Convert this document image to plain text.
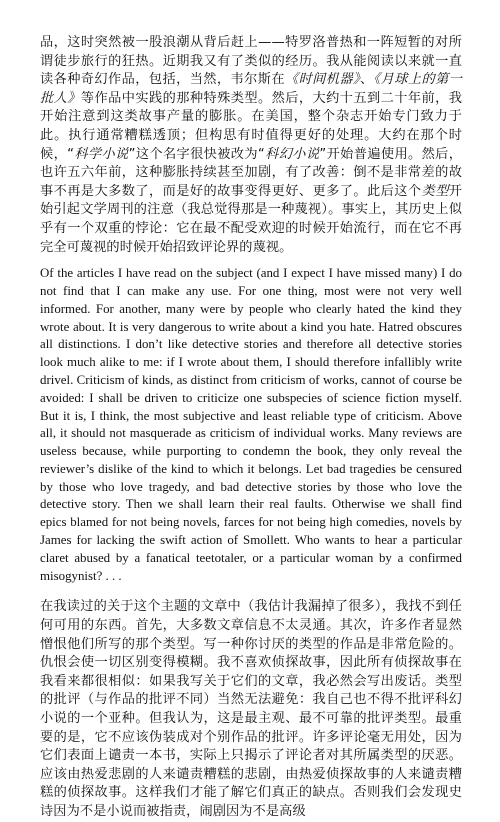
品，这时突然被一股浪潮从背后赶上——特罗洛普热和一阵短暂的对所谓徒步旅行的狂热。近期我又有了类似的经历。我从能阅读以来就一直读各种奇幻作品，包括，当然，韦尔斯在《时间机器》、《月球上的第一批人》等作品中实践的那种特殊类型。然后，大约十五到二十年前，我开始注意到这类故事产量的膨胀。在美国，整个杂志开始专门致力于此。执行通常糟糕透顶；但构思有时值得更好的处理。大约在那个时候，“科学小说”这个名字很快被改为“科幻小说”开始普遍使用。然后，也许五六年前，这种膨胀持续甚至加剧，有了改善：倒不是非常差的故事不再是大多数了，而是好的故事变得更好、更多了。此后这个类型开始引起文学周刊的注意（我总觉得那是一种蔑视）。事实上，其历史上似乎有一个双重的悖论：它在最不配受欢迎的时候开始流行，而在它不再完全可蔑视的时候开始招致评论界的蔑视。

Of the articles I have read on the subject (and I expect I have missed many) I do not find that I can make any use. For one thing, most were not very well informed. For another, many were by people who clearly hated the kind they wrote about. It is very dangerous to write about a kind you hate. Hatred obscures all distinctions. I don’t like detective stories and therefore all detective stories look much alike to me: if I wrote about them, I should therefore infallibly write drivel. Criticism of kinds, as distinct from criticism of works, cannot of course be avoided: I shall be driven to criticize one subspecies of science fiction myself. But it is, I think, the most subjective and least reliable type of criticism. Above all, it should not masquerade as criticism of individual works. Many reviews are useless because, while purporting to condemn the book, they only reveal the reviewer’s dislike of the kind to which it belongs. Let bad tragedies be censured by those who love tragedy, and bad detective stories by those who love the detective story. Then we shall learn their real faults. Otherwise we shall find epics blamed for not being novels, farces for not being high comedies, novels by James for lacking the swift action of Smollett. Who wants to hear a particular claret abused by a fanatical teetotaler, or a particular woman by a confirmed misogynist? . . .

在我读过的关于这个主题的文章中（我估计我漏掉了很多），我找不到任何可用的东西。首先，大多数文章信息不太灵通。其次，许多作者显然憎恨他们所写的那个类型。写一种你讨厌的类型的作品是非常危险的。仇恨会使一切区别变得模糊。我不喜欢侦探故事，因此所有侦探故事在我看来都很相似：如果我写关于它们的文章，我必然会写出废话。类型的批评（与作品的批评不同）当然无法避免：我自己也不得不批评科幻小说的一个亚种。但我认为，这是最主观、最不可靠的批评类型。最重要的是，它不应该伪装成对个别作品的批评。许多评论毫无用处，因为它们表面上谴责一本书，实际上只揭示了评论者对其所属类型的厌恶。应该由热爱悲剧的人来谴责糟糕的悲剧，由热爱侦探故事的人来谴责糟糕的侦探故事。这样我们才能了解它们真正的缺点。否则我们会发现史诗因为不是小说而被指责，闹剧因为不是高级
